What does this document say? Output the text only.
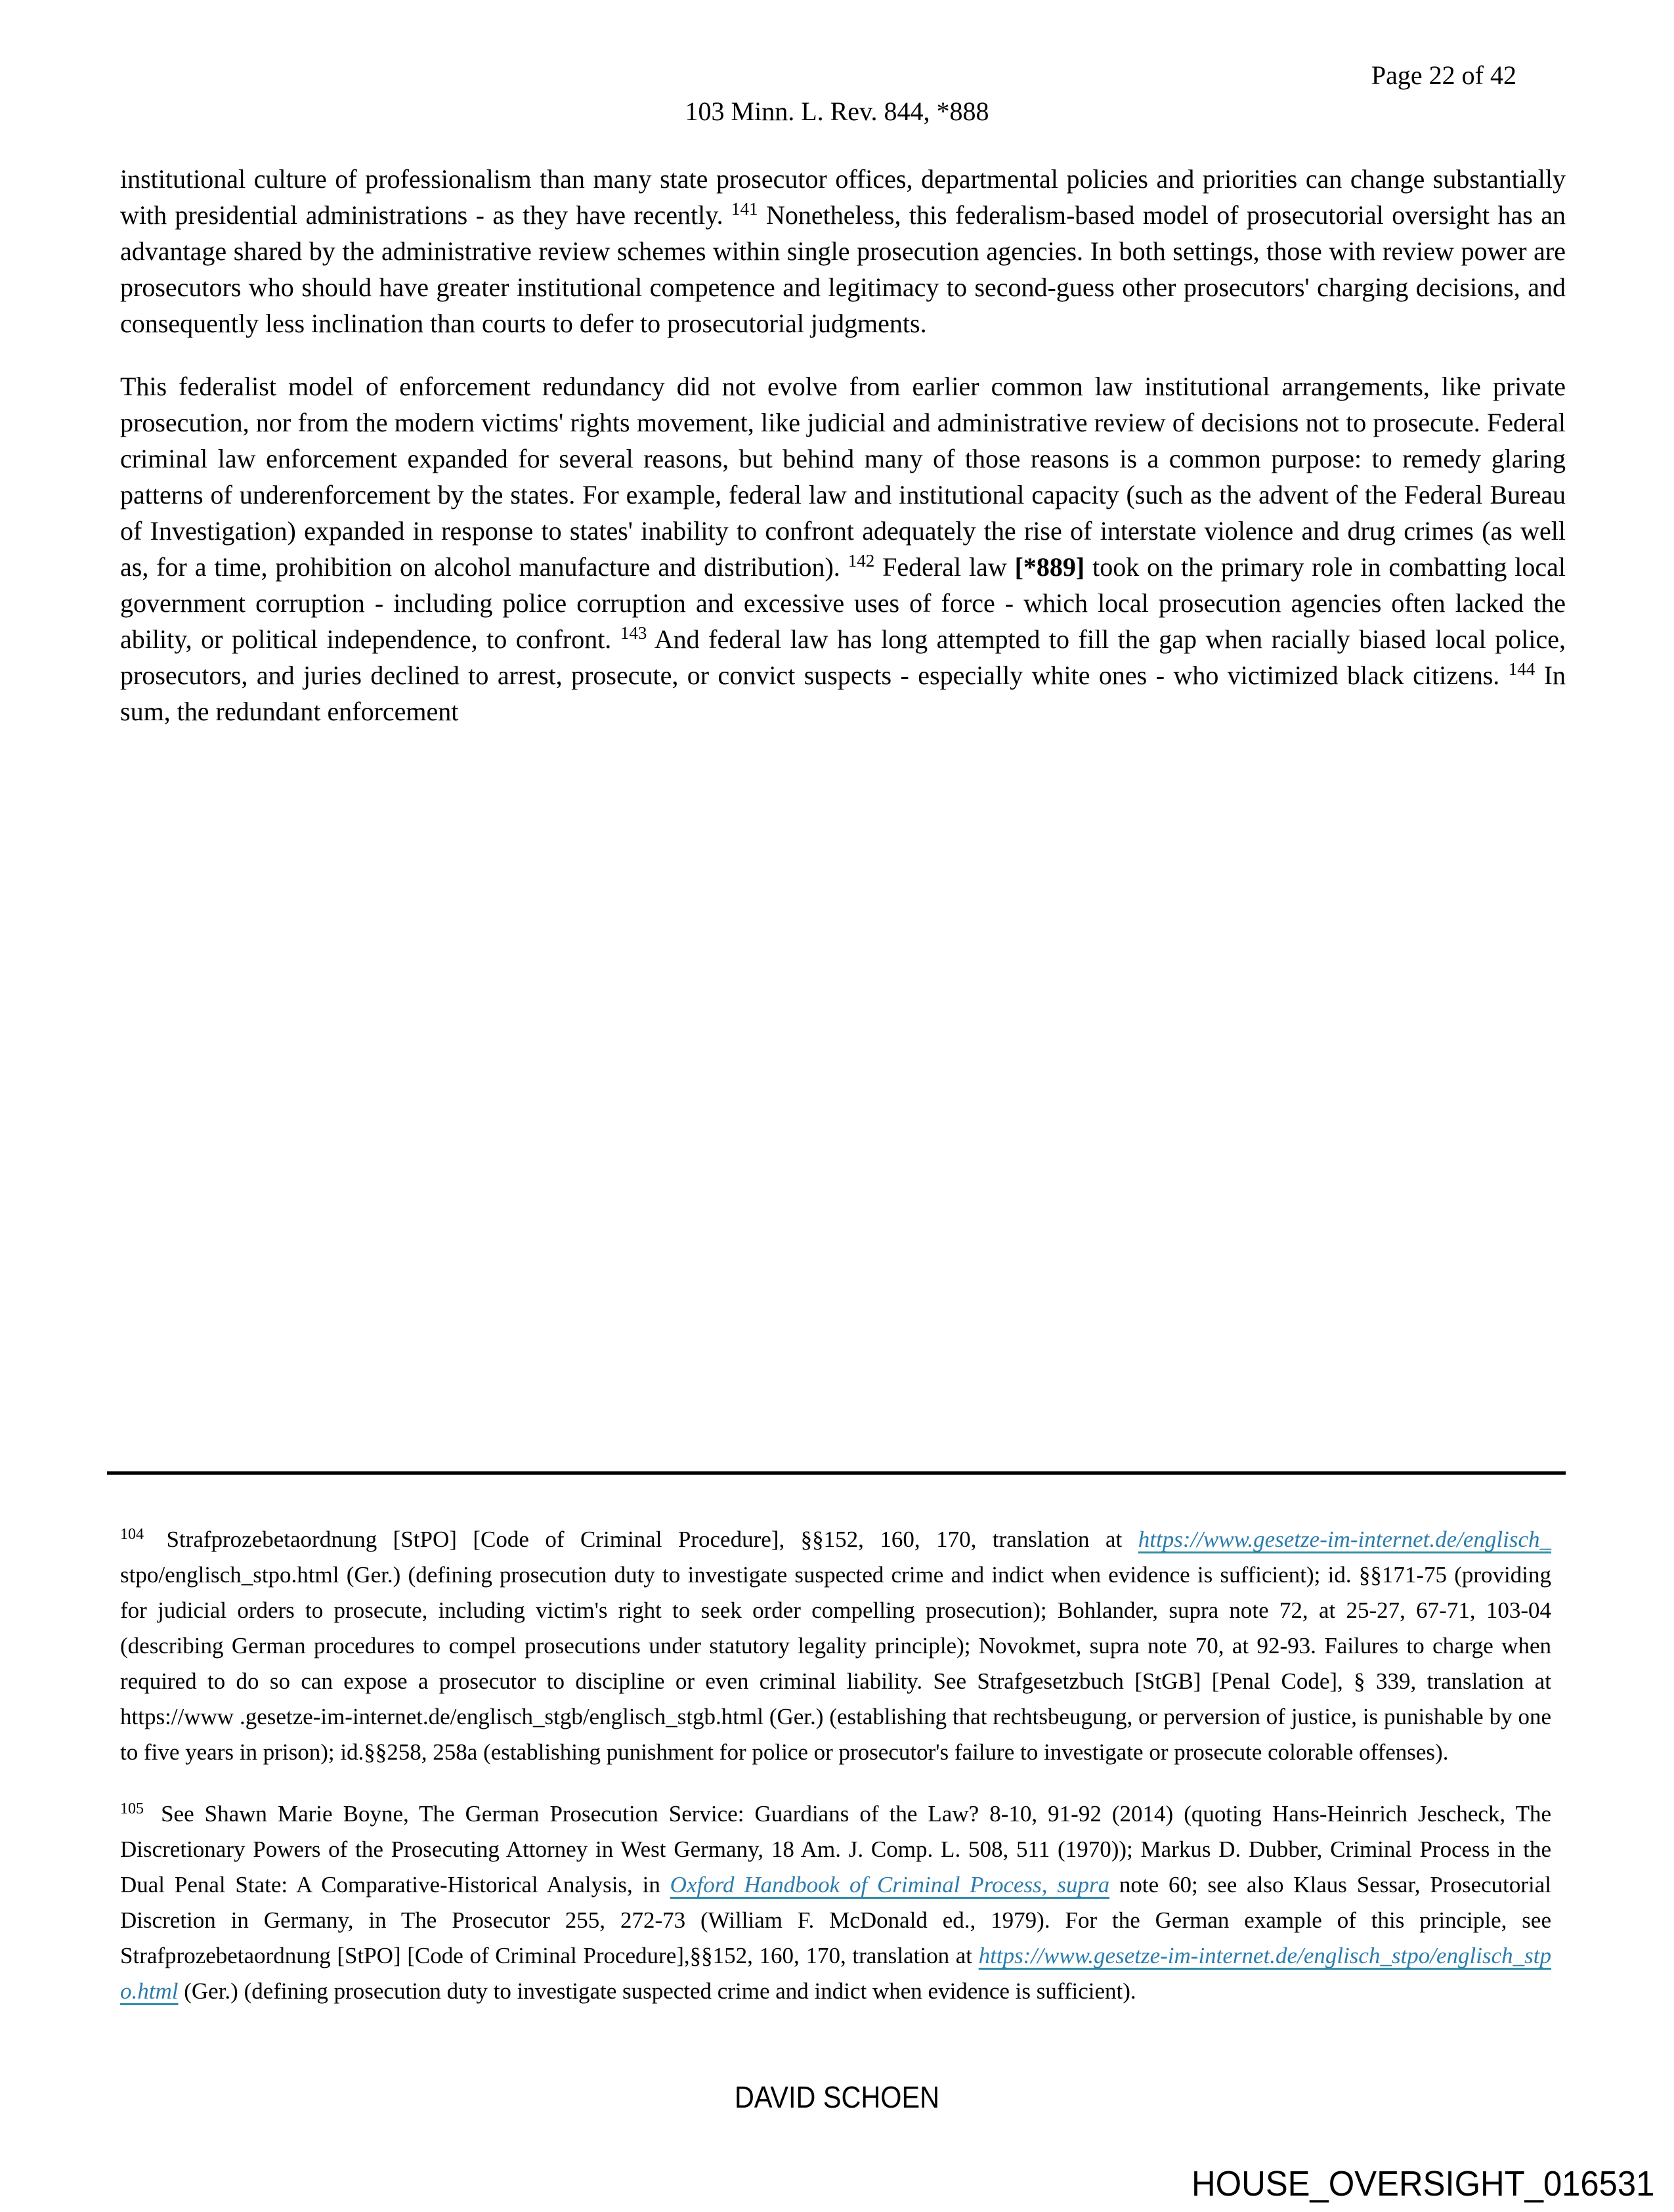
Page 22 of 42
103 Minn. L. Rev. 844, *888

institutional culture of professionalism than many state prosecutor offices, departmental policies and priorities can change substantially with presidential administrations - as they have recently. $^{141}$ Nonetheless, this federalism-based model of prosecutorial oversight has an advantage shared by the administrative review schemes within single prosecution agencies. In both settings, those with review power are prosecutors who should have greater institutional competence and legitimacy to second-guess other prosecutors' charging decisions, and consequently less inclination than courts to defer to prosecutorial judgments.

This federalist model of enforcement redundancy did not evolve from earlier common law institutional arrangements, like private prosecution, nor from the modern victims' rights movement, like judicial and administrative review of decisions not to prosecute. Federal criminal law enforcement expanded for several reasons, but behind many of those reasons is a common purpose: to remedy glaring patterns of underenforcement by the states. For example, federal law and institutional capacity (such as the advent of the Federal Bureau of Investigation) expanded in response to states' inability to confront adequately the rise of interstate violence and drug crimes (as well as, for a time, prohibition on alcohol manufacture and distribution). $^{142}$ Federal law [*889] took on the primary role in combatting local government corruption - including police corruption and excessive uses of force - which local prosecution agencies often lacked the ability, or political independence, to confront. $^{143}$ And federal law has long attempted to fill the gap when racially biased local police, prosecutors, and juries declined to arrest, prosecute, or convict suspects - especially white ones - who victimized black citizens. $^{144}$ In sum, the redundant enforcement

$^{104}$ Strafprozebetaordnung [StPO] [Code of Criminal Procedure], §§152, 160, 170, translation at https://www.gesetze-im-internet.de/englisch_ stpo/englisch_stpo.html (Ger.) (defining prosecution duty to investigate suspected crime and indict when evidence is sufficient); id. §§171-75 (providing for judicial orders to prosecute, including victim's right to seek order compelling prosecution); Bohlander, supra note 72, at 25-27, 67-71, 103-04 (describing German procedures to compel prosecutions under statutory legality principle); Novokmet, supra note 70, at 92-93. Failures to charge when required to do so can expose a prosecutor to discipline or even criminal liability. See Strafgesetzbuch [StGB] [Penal Code], § 339, translation at https://www .gesetze-im-internet.de/englisch_stgb/englisch_stgb.html (Ger.) (establishing that rechtsbeugung, or perversion of justice, is punishable by one to five years in prison); id.§§258, 258a (establishing punishment for police or prosecutor's failure to investigate or prosecute colorable offenses).

$^{105}$ See Shawn Marie Boyne, The German Prosecution Service: Guardians of the Law? 8-10, 91-92 (2014) (quoting Hans-Heinrich Jescheck, The Discretionary Powers of the Prosecuting Attorney in West Germany, 18 Am. J. Comp. L. 508, 511 (1970)); Markus D. Dubber, Criminal Process in the Dual Penal State: A Comparative-Historical Analysis, in Oxford Handbook of Criminal Process, supra note 60; see also Klaus Sessar, Prosecutorial Discretion in Germany, in The Prosecutor 255, 272-73 (William F. McDonald ed., 1979). For the German example of this principle, see Strafprozebetaordnung [StPO] [Code of Criminal Procedure],§§152, 160, 170, translation at https://www.gesetze-im-internet.de/englisch_stpo/englisch_stpo.html (Ger.) (defining prosecution duty to investigate suspected crime and indict when evidence is sufficient).

DAVID SCHOEN
HOUSE_OVERSIGHT_016531
